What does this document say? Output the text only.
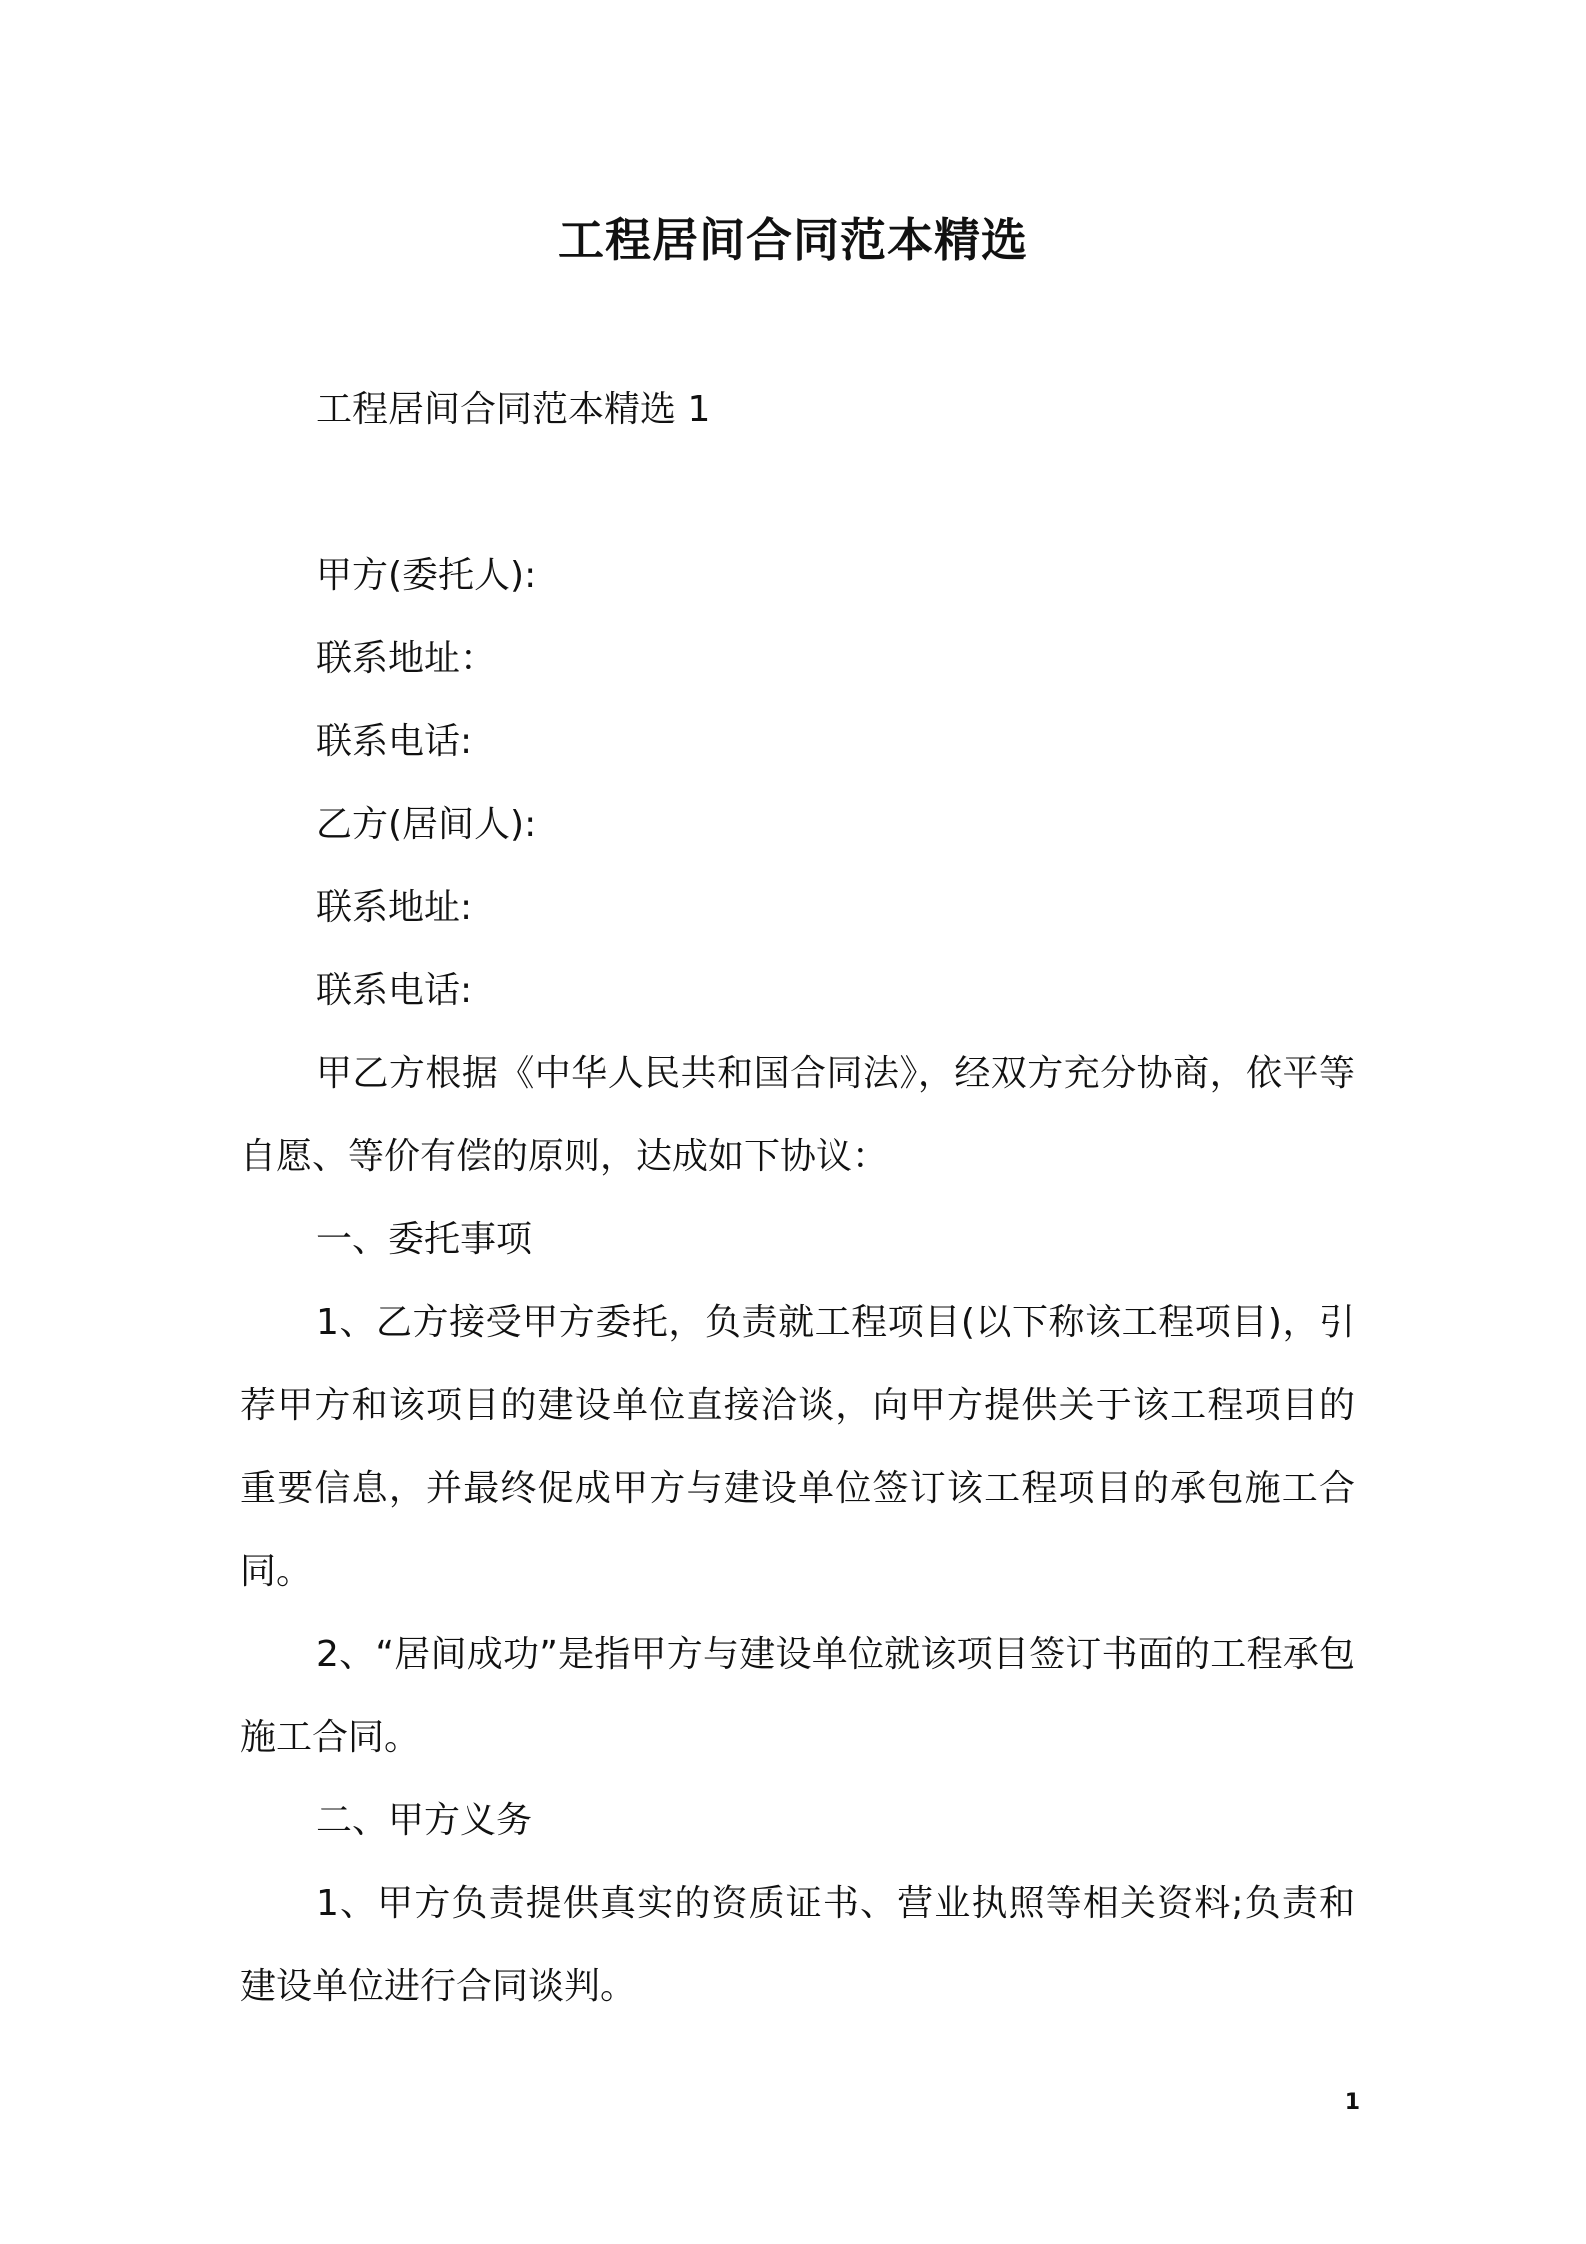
工程居间合同范本精选

工程居间合同范本精选 1

甲方(委托人):

联系地址：

联系电话:

乙方(居间人):

联系地址:

联系电话:

甲乙方根据《中华人民共和国合同法》，经双方充分协商，依平等自愿、等价有偿的原则，达成如下协议：

一、委托事项

1、乙方接受甲方委托，负责就工程项目(以下称该工程项目)，引荐甲方和该项目的建设单位直接洽谈，向甲方提供关于该工程项目的重要信息，并最终促成甲方与建设单位签订该工程项目的承包施工合同。

2、“居间成功”是指甲方与建设单位就该项目签订书面的工程承包施工合同。

二、甲方义务

1、甲方负责提供真实的资质证书、营业执照等相关资料;负责和建设单位进行合同谈判。

1
